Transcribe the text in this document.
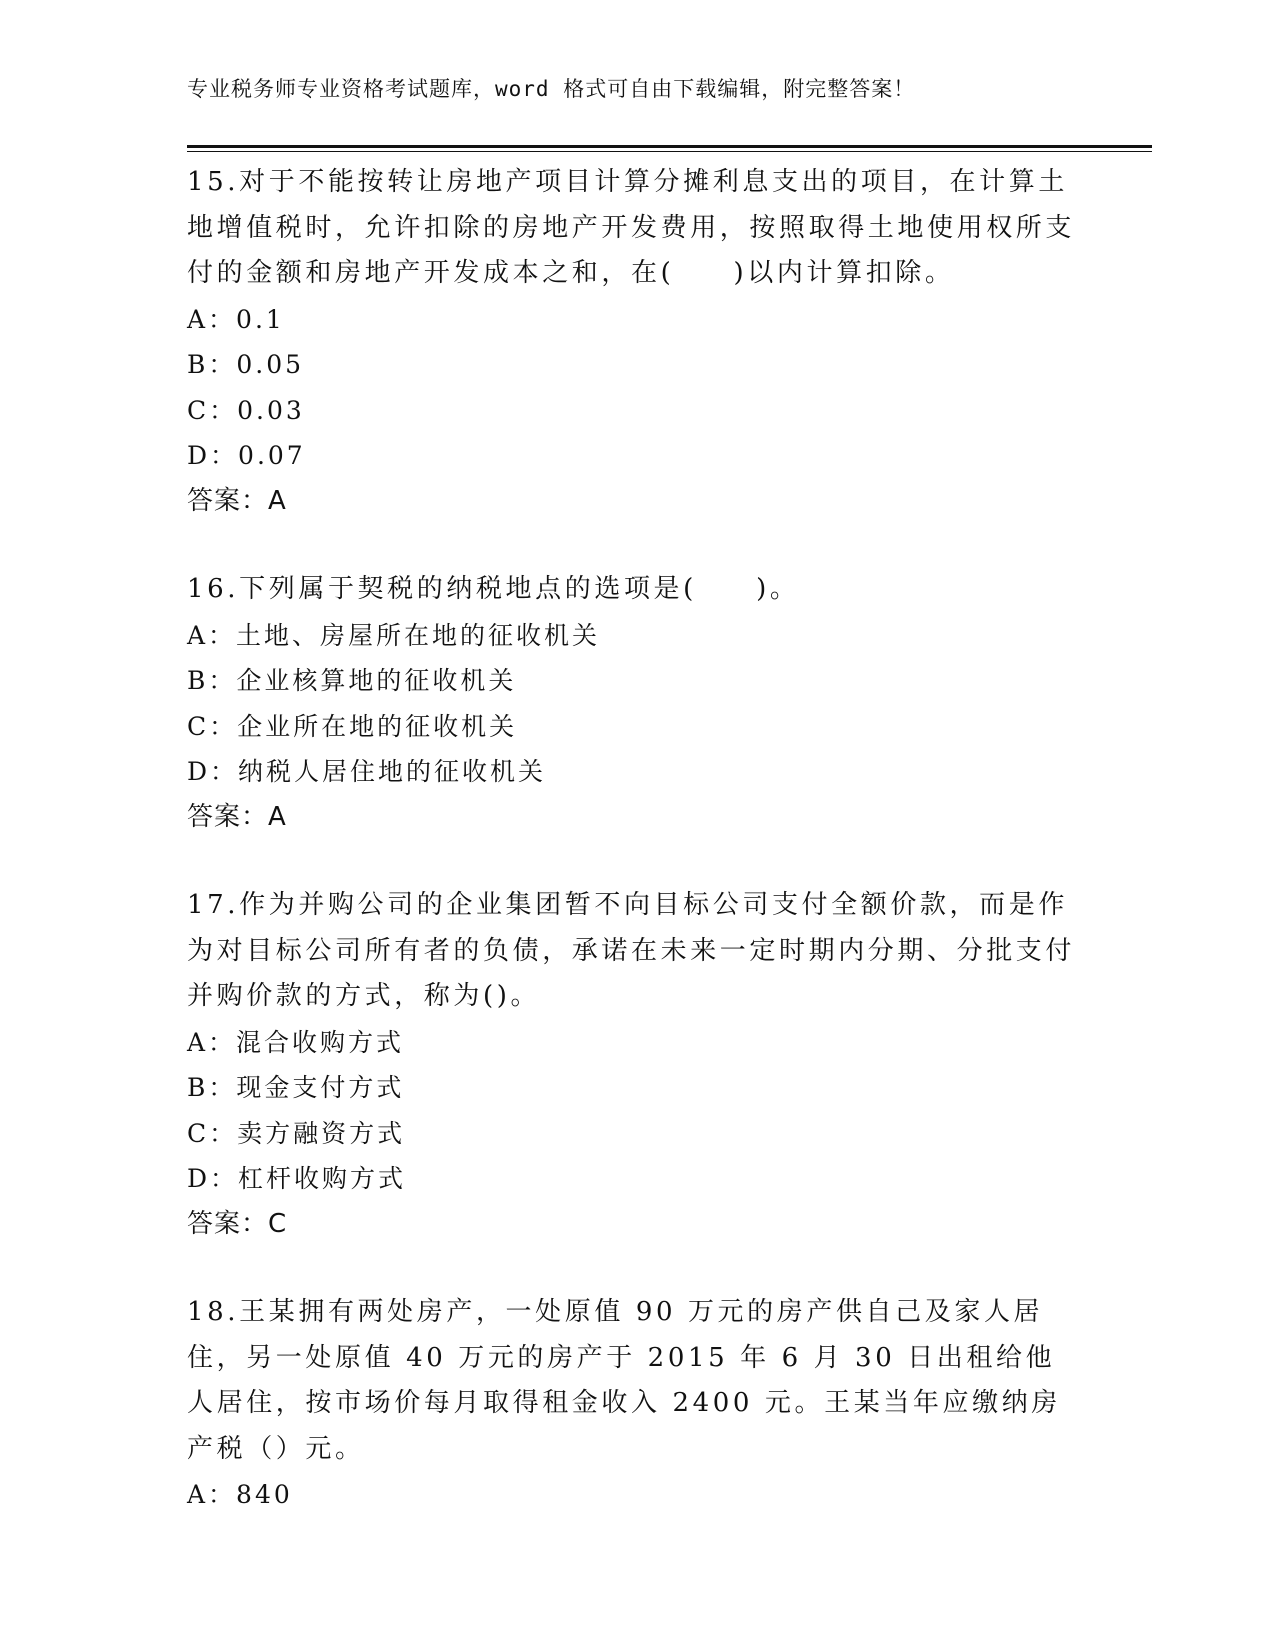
专业税务师专业资格考试题库，word 格式可自由下载编辑，附完整答案！

15.对于不能按转让房地产项目计算分摊利息支出的项目，在计算土地增值税时，允许扣除的房地产开发费用，按照取得土地使用权所支付的金额和房地产开发成本之和，在(　　)以内计算扣除。

A：0.1

B：0.05

C：0.03

D：0.07

答案：A

16.下列属于契税的纳税地点的选项是(　　)。

A：土地、房屋所在地的征收机关

B：企业核算地的征收机关

C：企业所在地的征收机关

D：纳税人居住地的征收机关

答案：A

17.作为并购公司的企业集团暂不向目标公司支付全额价款，而是作为对目标公司所有者的负债，承诺在未来一定时期内分期、分批支付并购价款的方式，称为()。

A：混合收购方式

B：现金支付方式

C：卖方融资方式

D：杠杆收购方式

答案：C

18.王某拥有两处房产，一处原值 90 万元的房产供自己及家人居住，另一处原值 40 万元的房产于 2015 年 6 月 30 日出租给他人居住，按市场价每月取得租金收入 2400 元。王某当年应缴纳房产税（）元。

A：840
